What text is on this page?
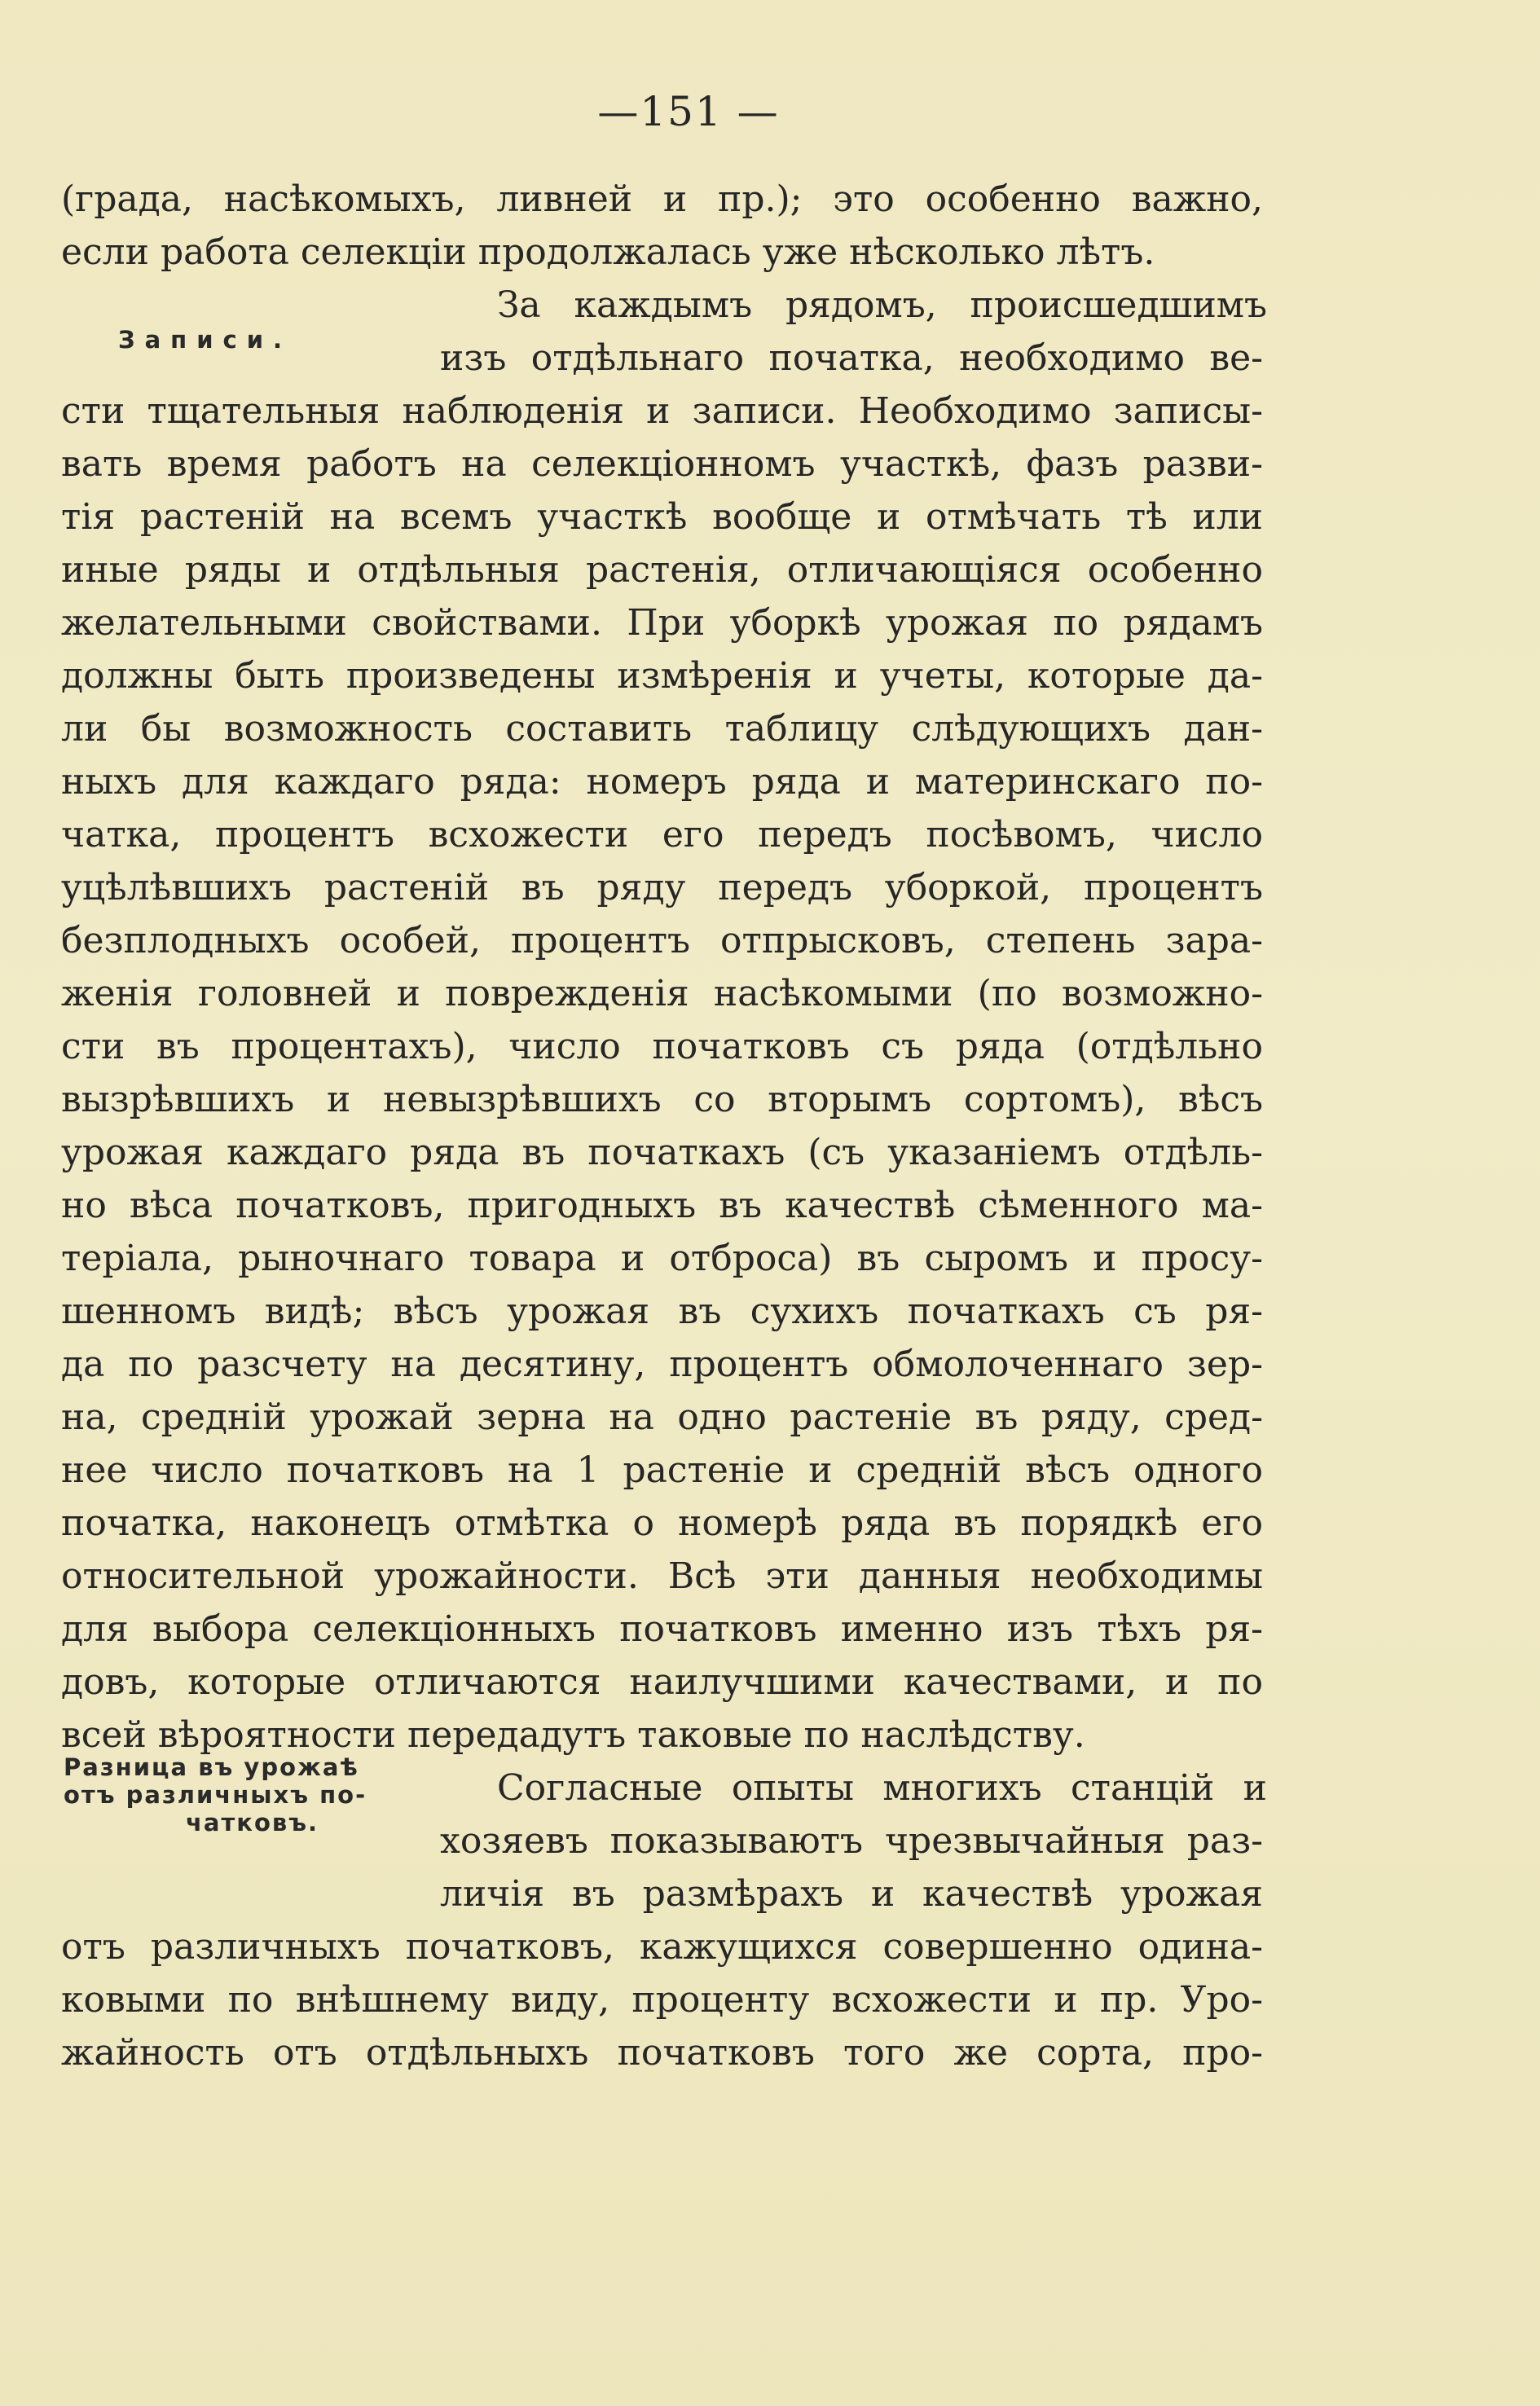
—151 —
Записи.
Разница въ урожаѣ
отъ различныхъ по-
чатковъ.
(града, насѣкомыхъ, ливней и пр.); это особенно важно,
если работа селекціи продолжалась уже нѣсколько лѣтъ.
За каждымъ рядомъ, происшедшимъ
изъ отдѣльнаго початка, необходимо ве-
сти тщательныя наблюденія и записи. Необходимо записы-
вать время работъ на селекціонномъ участкѣ, фазъ разви-
тія растеній на всемъ участкѣ вообще и отмѣчать тѣ или
иные ряды и отдѣльныя растенія, отличающіяся особенно
желательными свойствами. При уборкѣ урожая по рядамъ
должны быть произведены измѣренія и учеты, которые да-
ли бы возможность составить таблицу слѣдующихъ дан-
ныхъ для каждаго ряда: номеръ ряда и материнскаго по-
чатка, процентъ всхожести его передъ посѣвомъ, число
уцѣлѣвшихъ растеній въ ряду передъ уборкой, процентъ
безплодныхъ особей, процентъ отпрысковъ, степень зара-
женія головней и поврежденія насѣкомыми (по возможно-
сти въ процентахъ), число початковъ съ ряда (отдѣльно
вызрѣвшихъ и невызрѣвшихъ со вторымъ сортомъ), вѣсъ
урожая каждаго ряда въ початкахъ (съ указаніемъ отдѣль-
но вѣса початковъ, пригодныхъ въ качествѣ сѣменного ма-
теріала, рыночнаго товара и отброса) въ сыромъ и просу-
шенномъ видѣ; вѣсъ урожая въ сухихъ початкахъ съ ря-
да по разсчету на десятину, процентъ обмолоченнаго зер-
на, средній урожай зерна на одно растеніе въ ряду, сред-
нее число початковъ на 1 растеніе и средній вѣсъ одного
початка, наконецъ отмѣтка о номерѣ ряда въ порядкѣ его
относительной урожайности. Всѣ эти данныя необходимы
для выбора селекціонныхъ початковъ именно изъ тѣхъ ря-
довъ, которые отличаются наилучшими качествами, и по
всей вѣроятности передадутъ таковые по наслѣдству.
Согласные опыты многихъ станцій и
хозяевъ показываютъ чрезвычайныя раз-
личія въ размѣрахъ и качествѣ урожая
отъ различныхъ початковъ, кажущихся совершенно одина-
ковыми по внѣшнему виду, проценту всхожести и пр. Уро-
жайность отъ отдѣльныхъ початковъ того же сорта, про-
